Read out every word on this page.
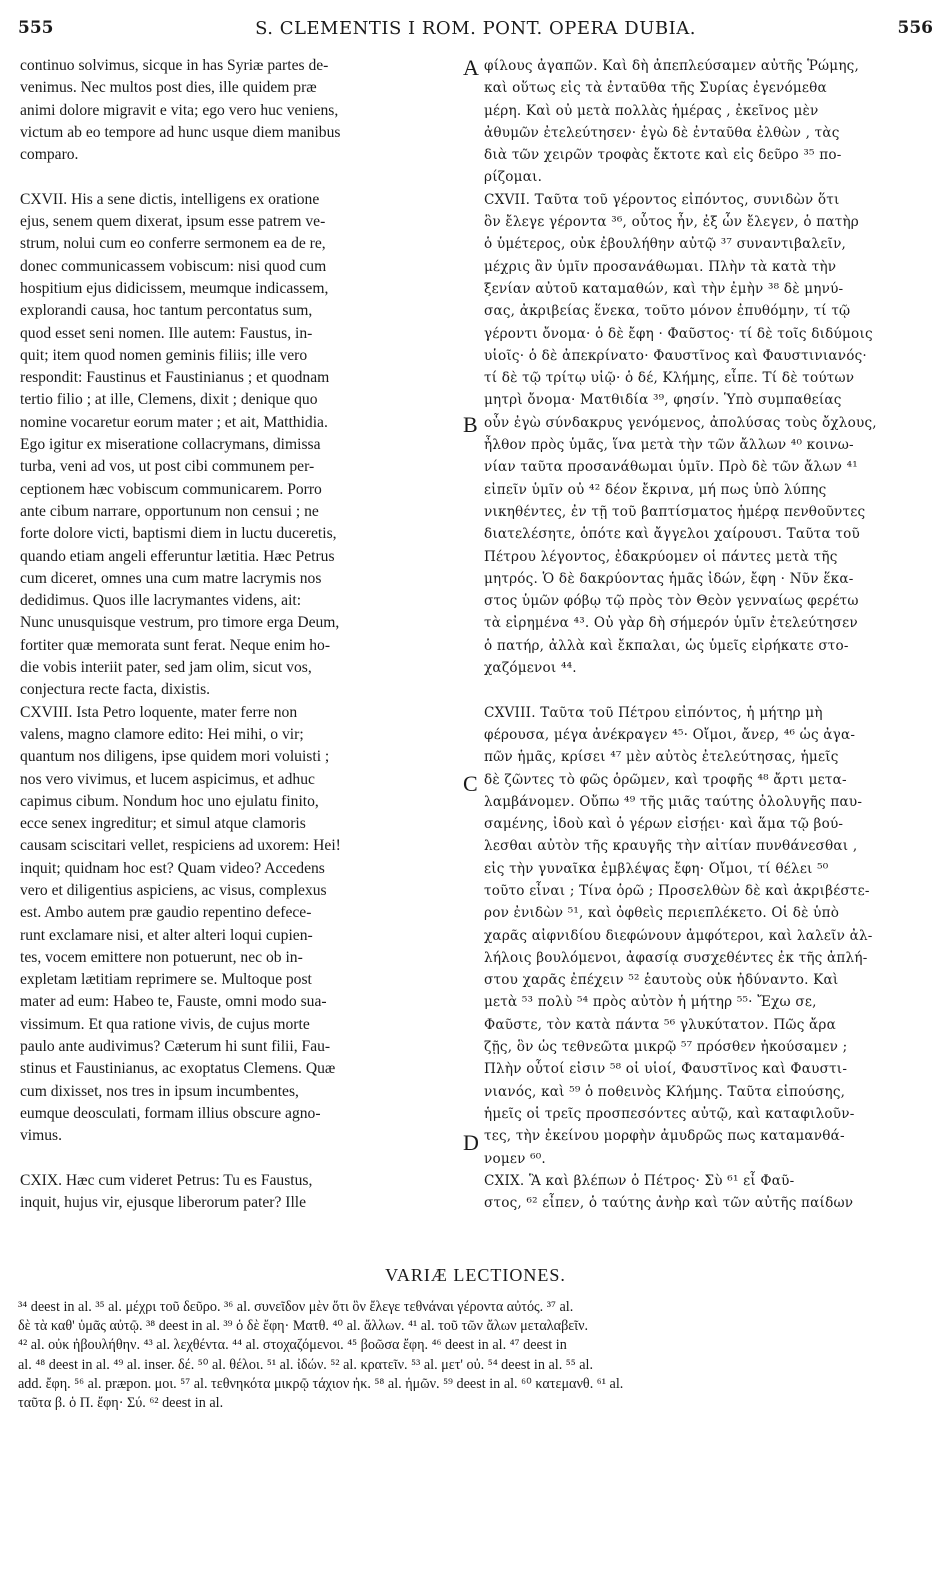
555	S. CLEMENTIS I ROM. PONT. OPERA DUBIA.	556
continuo solvimus, sicque in has Syriæ partes de-
venimus. Nec multos post dies, ille quidem præ
animi dolore migravit e vita; ego vero huc veniens,
victum ab eo tempore ad hunc usque diem manibus
comparo.
CXVII. His a sene dictis, intelligens ex oratione
ejus, senem quem dixerat, ipsum esse patrem ve-
strum, nolui cum eo conferre sermonem ea de re,
donec communicassem vobiscum: nisi quod cum
hospitium ejus didicissem, meumque indicassem,
explorandi causa, hoc tantum percontatus sum,
quod esset seni nomen. Ille autem: Faustus, in-
quit; item quod nomen geminis filiis; ille vero
respondit: Faustinus et Faustinianus ; et quodnam
tertio filio ; at ille, Clemens, dixit ; denique quo
nomine vocaretur eorum mater ; et ait, Matthidia.
Ego igitur ex miseratione collacrymans, dimissa
turba, veni ad vos, ut post cibi communem per-
ceptionem hæc vobiscum communicarem. Porro
ante cibum narrare, opportunum non censui ; ne
forte dolore victi, baptismi diem in luctu duceretis,
quando etiam angeli efferuntur lætitia. Hæc Petrus
cum diceret, omnes una cum matre lacrymis nos
dedidimus. Quos ille lacrymantes videns, ait:
Nunc unusquisque vestrum, pro timore erga Deum,
fortiter quæ memorata sunt ferat. Neque enim ho-
die vobis interiit pater, sed jam olim, sicut vos,
conjectura recte facta, dixistis.
CXVIII. Ista Petro loquente, mater ferre non
valens, magno clamore edito: Hei mihi, o vir;
quantum nos diligens, ipse quidem mori voluisti ;
nos vero vivimus, et lucem aspicimus, et adhuc
capimus cibum. Nondum hoc uno ejulatu finito,
ecce senex ingreditur; et simul atque clamoris
causam sciscitari vellet, respiciens ad uxorem: Hei!
inquit; quidnam hoc est? Quam video? Accedens
vero et diligentius aspiciens, ac visus, complexus
est. Ambo autem præ gaudio repentino defece-
runt exclamare nisi, et alter alteri loqui cupien-
tes, vocem emittere non potuerunt, nec ob in-
expletam lætitiam reprimere se. Multoque post
mater ad eum: Habeo te, Fauste, omni modo sua-
vissimum. Et qua ratione vivis, de cujus morte
paulo ante audivimus? Cæterum hi sunt filii, Fau-
stinus et Faustinianus, ac exoptatus Clemens. Quæ
cum dixisset, nos tres in ipsum incumbentes,
eumque deosculati, formam illius obscure agno-
vimus.
CXIX. Hæc cum videret Petrus: Tu es Faustus,
inquit, hujus vir, ejusque liberorum pater? Ille
φίλους ἀγαπῶν. Καὶ δὴ ἀπεπλεύσαμεν αὐτῆς Ῥώμης,
καὶ οὕτως εἰς τὰ ἐνταῦθα τῆς Συρίας ἐγενόμεθα
μέρη. Καὶ οὐ μετὰ πολλὰς ἡμέρας , ἐκεῖνος μὲν
ἀθυμῶν ἐτελεύτησεν· ἐγὼ δὲ ἐνταῦθα ἐλθὼν , τὰς
διὰ τῶν χειρῶν τροφὰς ἔκτοτε καὶ εἰς δεῦρο ³⁵ πο-
ρίζομαι.
CXVII. Ταῦτα τοῦ γέροντος εἰπόντος, συνιδὼν ὅτι
ὃν ἔλεγε γέροντα ³⁶, οὗτος ἦν, ἐξ ὧν ἔλεγεν, ὁ πατὴρ
ὁ ὑμέτερος, οὐκ ἐβουλήθην αὐτῷ ³⁷ συναντιβαλεῖν,
μέχρις ἂν ὑμῖν προσανάθωμαι. Πλὴν τὰ κατὰ τὴν
ξενίαν αὐτοῦ καταμαθών, καὶ τὴν ἐμὴν ³⁸ δὲ μηνύ-
σας, ἀκριβείας ἕνεκα, τοῦτο μόνον ἐπυθόμην, τί τῷ
γέροντι ὄνομα· ὁ δὲ ἔφη · Φαῦστος· τί δὲ τοῖς διδύμοις
υἱοῖς· ὁ δὲ ἀπεκρίνατο· Φαυστῖνος καὶ Φαυστινιανός·
τί δὲ τῷ τρίτῳ υἱῷ· ὁ δέ, Κλήμης, εἶπε. Τί δὲ τούτων
μητρὶ ὄνομα· Ματθιδία ³⁹, φησίν. Ὑπὸ συμπαθείας
οὖν ἐγὼ σύνδακρυς γενόμενος, ἀπολύσας τοὺς ὄχλους,
ἦλθον πρὸς ὑμᾶς, ἵνα μετὰ τὴν τῶν ἄλλων ⁴⁰ κοινω-
νίαν ταῦτα προσανάθωμαι ὑμῖν. Πρὸ δὲ τῶν ἄλων ⁴¹
εἰπεῖν ὑμῖν οὐ ⁴² δέον ἔκρινα, μή πως ὑπὸ λύπης
νικηθέντες, ἐν τῇ τοῦ βαπτίσματος ἡμέρᾳ πενθοῦντες
διατελέσητε, ὁπότε καὶ ἄγγελοι χαίρουσι. Ταῦτα τοῦ
Πέτρου λέγοντος, ἐδακρύομεν οἱ πάντες μετὰ τῆς
μητρός. Ὁ δὲ δακρύοντας ἡμᾶς ἰδών, ἔφη · Νῦν ἕκα-
στος ὑμῶν φόβῳ τῷ πρὸς τὸν Θεὸν γενναίως φερέτω
τὰ εἰρημένα ⁴³. Οὐ γὰρ δὴ σήμερόν ὑμῖν ἐτελεύτησεν
ὁ πατήρ, ἀλλὰ καὶ ἔκπαλαι, ὡς ὑμεῖς εἰρήκατε στο-
χαζόμενοι ⁴⁴.
CXVIII. Ταῦτα τοῦ Πέτρου εἰπόντος, ἡ μήτηρ μὴ
φέρουσα, μέγα ἀνέκραγεν ⁴⁵· Οἴμοι, ἄνερ, ⁴⁶ ὡς ἀγα-
πῶν ἡμᾶς, κρίσει ⁴⁷ μὲν αὐτὸς ἐτελεύτησας, ἡμεῖς
δὲ ζῶντες τὸ φῶς ὁρῶμεν, καὶ τροφῆς ⁴⁸ ἄρτι μετα-
λαμβάνομεν. Οὔπω ⁴⁹ τῆς μιᾶς ταύτης ὀλολυγῆς παυ-
σαμένης, ἰδοὺ καὶ ὁ γέρων εἰσῄει· καὶ ἅμα τῷ βού-
λεσθαι αὐτὸν τῆς κραυγῆς τὴν αἰτίαν πυνθάνεσθαι ,
εἰς τὴν γυναῖκα ἐμβλέψας ἔφη· Οἴμοι, τί θέλει ⁵⁰
τοῦτο εἶναι ; Τίνα ὁρῶ ; Προσελθὼν δὲ καὶ ἀκριβέστε-
ρον ἐνιδὼν ⁵¹, καὶ ὀφθεὶς περιεπλέκετο. Οἱ δὲ ὑπὸ
χαρᾶς αἰφνιδίου διεφώνουν ἀμφότεροι, καὶ λαλεῖν ἀλ-
λήλοις βουλόμενοι, ἀφασίᾳ συσχεθέντες ἐκ τῆς ἀπλή-
στου χαρᾶς ἐπέχειν ⁵² ἑαυτοὺς οὐκ ἠδύναντο. Καὶ
μετὰ ⁵³ πολὺ ⁵⁴ πρὸς αὐτὸν ἡ μήτηρ ⁵⁵· Ἔχω σε,
Φαῦστε, τὸν κατὰ πάντα ⁵⁶ γλυκύτατον. Πῶς ἄρα
ζῇς, ὃν ὡς τεθνεῶτα μικρῷ ⁵⁷ πρόσθεν ἠκούσαμεν ;
Πλὴν οὗτοί εἰσιν ⁵⁸ οἱ υἱοί, Φαυστῖνος καὶ Φαυστι-
νιανός, καὶ ⁵⁹ ὁ ποθεινὸς Κλήμης. Ταῦτα εἰπούσης,
ἡμεῖς οἱ τρεῖς προσπεσόντες αὐτῷ, καὶ καταφιλοῦν-
τες, τὴν ἐκείνου μορφὴν ἀμυδρῶς πως καταμανθά-
νομεν ⁶⁰.
CXIX. Ἃ καὶ βλέπων ὁ Πέτρος· Σὺ ⁶¹ εἶ Φαῦ-
στος, ⁶² εἶπεν, ὁ ταύτης ἀνὴρ καὶ τῶν αὐτῆς παίδων
A
B
C
D
VARIÆ LECTIONES.
³⁴ deest in al. ³⁵ al. μέχρι τοῦ δεῦρο. ³⁶ al. συνεῖδον μὲν ὅτι ὃν ἔλεγε τεθνάναι γέροντα αὐτός. ³⁷ al.
δὲ τὰ καθ' ὑμᾶς αὐτῷ. ³⁸ deest in al. ³⁹ ὁ δὲ ἔφη· Ματθ. ⁴⁰ al. ἄλλων. ⁴¹ al. τοῦ τῶν ἄλων μεταλαβεῖν.
⁴² al. οὐκ ἠβουλήθην. ⁴³ al. λεχθέντα. ⁴⁴ al. στοχαζόμενοι. ⁴⁵ βοῶσα ἔφη. ⁴⁶ deest in al. ⁴⁷ deest in
al. ⁴⁸ deest in al. ⁴⁹ al. inser. δέ. ⁵⁰ al. θέλοι. ⁵¹ al. ἰδών. ⁵² al. κρατεῖν. ⁵³ al. μετ' οὐ. ⁵⁴ deest in al. ⁵⁵ al.
add. ἔφη. ⁵⁶ al. præpon. μοι. ⁵⁷ al. τεθνηκότα μικρῷ τάχιον ἠκ. ⁵⁸ al. ἡμῶν. ⁵⁹ deest in al. ⁶⁰ κατεμανθ. ⁶¹ al.
ταῦτα β. ὁ Π. ἔφη· Σύ. ⁶² deest in al.
